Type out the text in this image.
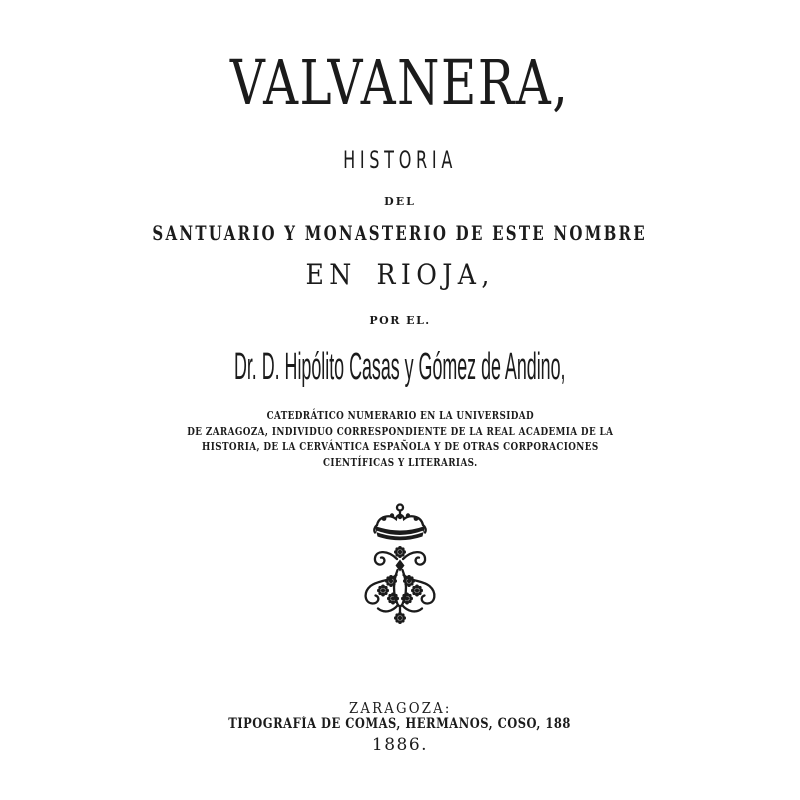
VALVANERA,
HISTORIA
DEL
SANTUARIO Y MONASTERIO DE ESTE NOMBRE
EN RIOJA,
POR EL.
Dr. D. Hipólito Casas y Gómez de Andino,
CATEDRÁTICO NUMERARIO EN LA UNIVERSIDAD
DE ZARAGOZA, INDIVIDUO CORRESPONDIENTE DE LA REAL ACADEMIA DE LA
HISTORIA, DE LA CERVÁNTICA ESPAÑOLA Y DE OTRAS CORPORACIONES
CIENTÍFICAS Y LITERARIAS.
ZARAGOZA:
TIPOGRAFÍA DE COMAS, HERMANOS, COSO, 188
1886.
